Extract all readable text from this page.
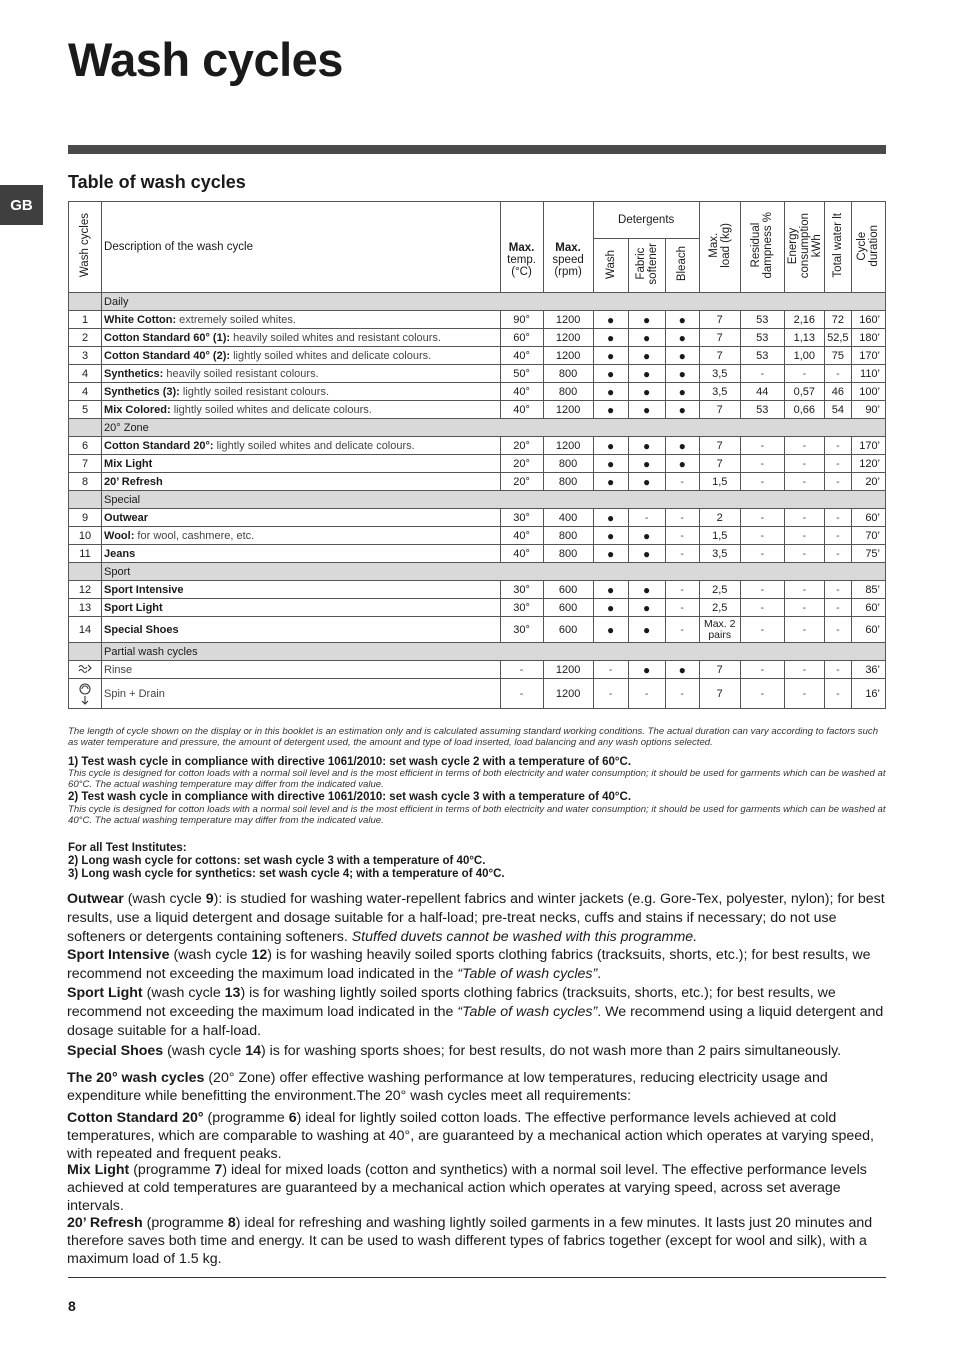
Wash cycles
GB
Table of wash cycles
Wash cycles	Description of the wash cycle	Max.
temp.
(°C)	Max.
speed
(rpm)	Detergents			Max.
load (kg)	Residual
dampness %	Energy
consumption
kWh	Total water lt	Cycle
duration
				Wash	Fabric
softener	Bleach					
	Daily										
1	White Cotton: extremely soiled whites.	90°	1200	●	●	●	7	53	2,16	72	160’
2	Cotton Standard 60° (1): heavily soiled whites and resistant colours.	60°	1200	●	●	●	7	53	1,13	52,5	180’
3	Cotton Standard 40° (2): lightly soiled whites and delicate colours.	40°	1200	●	●	●	7	53	1,00	75	170’
4	Synthetics: heavily soiled resistant colours.	50°	800	●	●	●	3,5	-	-	-	110’
4	Synthetics (3): lightly soiled resistant colours.	40°	800	●	●	●	3,5	44	0,57	46	100’
5	Mix Colored: lightly soiled whites and delicate colours.	40°	1200	●	●	●	7	53	0,66	54	90’
	20° Zone										
6	Cotton Standard 20°: lightly soiled whites and delicate colours.	20°	1200	●	●	●	7	-	-	-	170’
7	Mix Light	20°	800	●	●	●	7	-	-	-	120’
8	20’ Refresh	20°	800	●	●	-	1,5	-	-	-	20’
	Special										
9	Outwear	30°	400	●	-	-	2	-	-	-	60’
10	Wool: for wool, cashmere, etc.	40°	800	●	●	-	1,5	-	-	-	70’
11	Jeans	40°	800	●	●	-	3,5	-	-	-	75’
	Sport										
12	Sport Intensive	30°	600	●	●	-	2,5	-	-	-	85’
13	Sport Light	30°	600	●	●	-	2,5	-	-	-	60’
14	Special Shoes	30°	600	●	●	-	Max. 2 pairs	-	-	-	60’
	Partial wash cycles										

	Rinse	-	1200	-	●	●	7	-	-	-	36’

	Spin + Drain	-	1200	-	-	-	7	-	-	-	16’
The length of cycle shown on the display or in this booklet is an estimation only and is calculated assuming standard working conditions. The actual duration can vary according to factors such as water temperature and pressure, the amount of detergent used, the amount and type of load inserted, load balancing and any wash options selected.
1) Test wash cycle in compliance with directive 1061/2010: set wash cycle 2 with a temperature of 60°C.
This cycle is designed for cotton loads with a normal soil level and is the most efficient in terms of both electricity and water consumption; it should be used for garments which can be washed at 60°C. The actual washing temperature may differ from the indicated value.
2) Test wash cycle in compliance with directive 1061/2010: set wash cycle 3 with a temperature of 40°C.
This cycle is designed for cotton loads with a normal soil level and is the most efficient in terms of both electricity and water consumption; it should be used for garments which can be washed at 40°C. The actual washing temperature may differ from the indicated value.
For all Test Institutes:
2) Long wash cycle for cottons: set wash cycle 3 with a temperature of 40°C.
3) Long wash cycle for synthetics: set wash cycle 4; with a temperature of 40°C.

Outwear (wash cycle 9): is studied for washing water-repellent fabrics and winter jackets (e.g. Gore-Tex, polyester, nylon); for best results, use a liquid detergent and dosage suitable for a half-load; pre-treat necks, cuffs and stains if necessary; do not use softeners or detergents containing softeners. Stuffed duvets cannot be washed with this programme.

Sport Intensive (wash cycle 12) is for washing heavily soiled sports clothing fabrics (tracksuits, shorts, etc.); for best results, we recommend not exceeding the maximum load indicated in the “Table of wash cycles”.

Sport Light (wash cycle 13) is for washing lightly soiled sports clothing fabrics (tracksuits, shorts, etc.); for best results, we recommend not exceeding the maximum load indicated in the “Table of wash cycles”. We recommend using a liquid detergent and dosage suitable for a half-load.

Special Shoes (wash cycle 14) is for washing sports shoes; for best results, do not wash more than 2 pairs simultaneously.

The 20° wash cycles (20° Zone) offer effective washing performance at low temperatures, reducing electricity usage and expenditure while benefitting the environment.The 20° wash cycles meet all requirements:

Cotton Standard 20° (programme 6) ideal for lightly soiled cotton loads. The effective performance levels achieved at cold temperatures, which are comparable to washing at 40°, are guaranteed by a mechanical action which operates at varying speed, with repeated and frequent peaks.

Mix Light (programme 7) ideal for mixed loads (cotton and synthetics) with a normal soil level. The effective performance levels achieved at cold temperatures are guaranteed by a mechanical action which operates at varying speed, across set average intervals.

20’ Refresh (programme 8) ideal for refreshing and washing lightly soiled garments in a few minutes. It lasts just 20 minutes and therefore saves both time and energy. It can be used to wash different types of fabrics together (except for wool and silk), with a maximum load of 1.5 kg.

8
